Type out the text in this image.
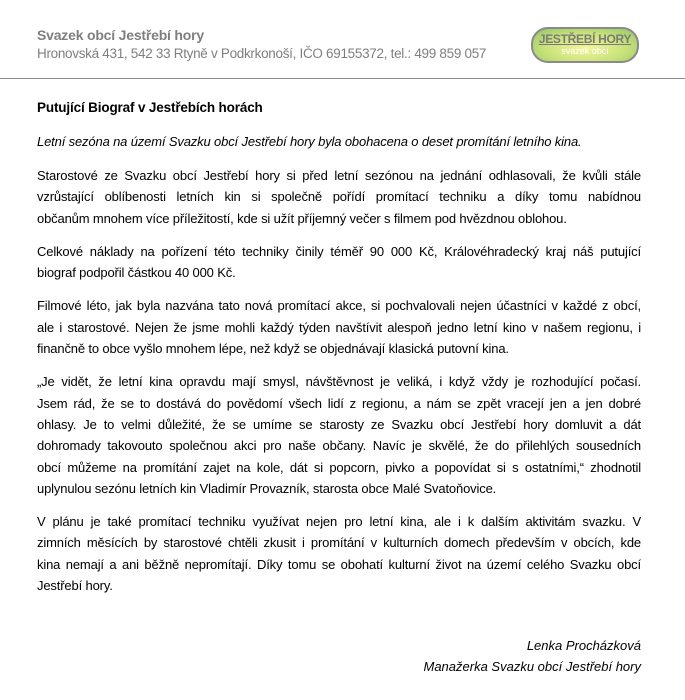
Svazek obcí Jestřebí hory
Hronovská 431, 542 33 Rtyně v Podkrkonoší, IČO 69155372, tel.: 499 859 057
JESTŘEBÍ HORY
svazek obcí
Putující Biograf v Jestřebích horách
Letní sezóna na území Svazku obcí Jestřebí hory byla obohacena o deset promítání letního kina.
Starostové ze Svazku obcí Jestřebí hory si před letní sezónou na jednání odhlasovali, že kvůli stále
vzrůstající oblíbenosti letních kin si společně pořídí promítací techniku a díky tomu nabídnou
občanům mnohem více příležitostí, kde si užít příjemný večer s filmem pod hvězdnou oblohou.
Celkové náklady na pořízení této techniky činily téměř 90 000 Kč, Královéhradecký kraj náš putující
biograf podpořil částkou 40 000 Kč.
Filmové léto, jak byla nazvána tato nová promítací akce, si pochvalovali nejen účastníci v každé z obcí,
ale i starostové. Nejen že jsme mohli každý týden navštívit alespoň jedno letní kino v našem regionu, i
finančně to obce vyšlo mnohem lépe, než když se objednávají klasická putovní kina.
„Je vidět, že letní kina opravdu mají smysl, návštěvnost je veliká, i když vždy je rozhodující počasí.
Jsem rád, že se to dostává do povědomí všech lidí z regionu, a nám se zpět vracejí jen a jen dobré
ohlasy. Je to velmi důležité, že se umíme se starosty ze Svazku obcí Jestřebí hory domluvit a dát
dohromady takovouto společnou akci pro naše občany. Navíc je skvělé, že do přilehlých sousedních
obcí můžeme na promítání zajet na kole, dát si popcorn, pivko a popovídat si s ostatními,“ zhodnotil
uplynulou sezónu letních kin Vladimír Provazník, starosta obce Malé Svatoňovice.
V plánu je také promítací techniku využívat nejen pro letní kina, ale i k dalším aktivitám svazku. V
zimních měsících by starostové chtěli zkusit i promítání v kulturních domech především v obcích, kde
kina nemají a ani běžně nepromítají. Díky tomu se obohatí kulturní život na území celého Svazku obcí
Jestřebí hory.
Lenka Procházková
Manažerka Svazku obcí Jestřebí hory
